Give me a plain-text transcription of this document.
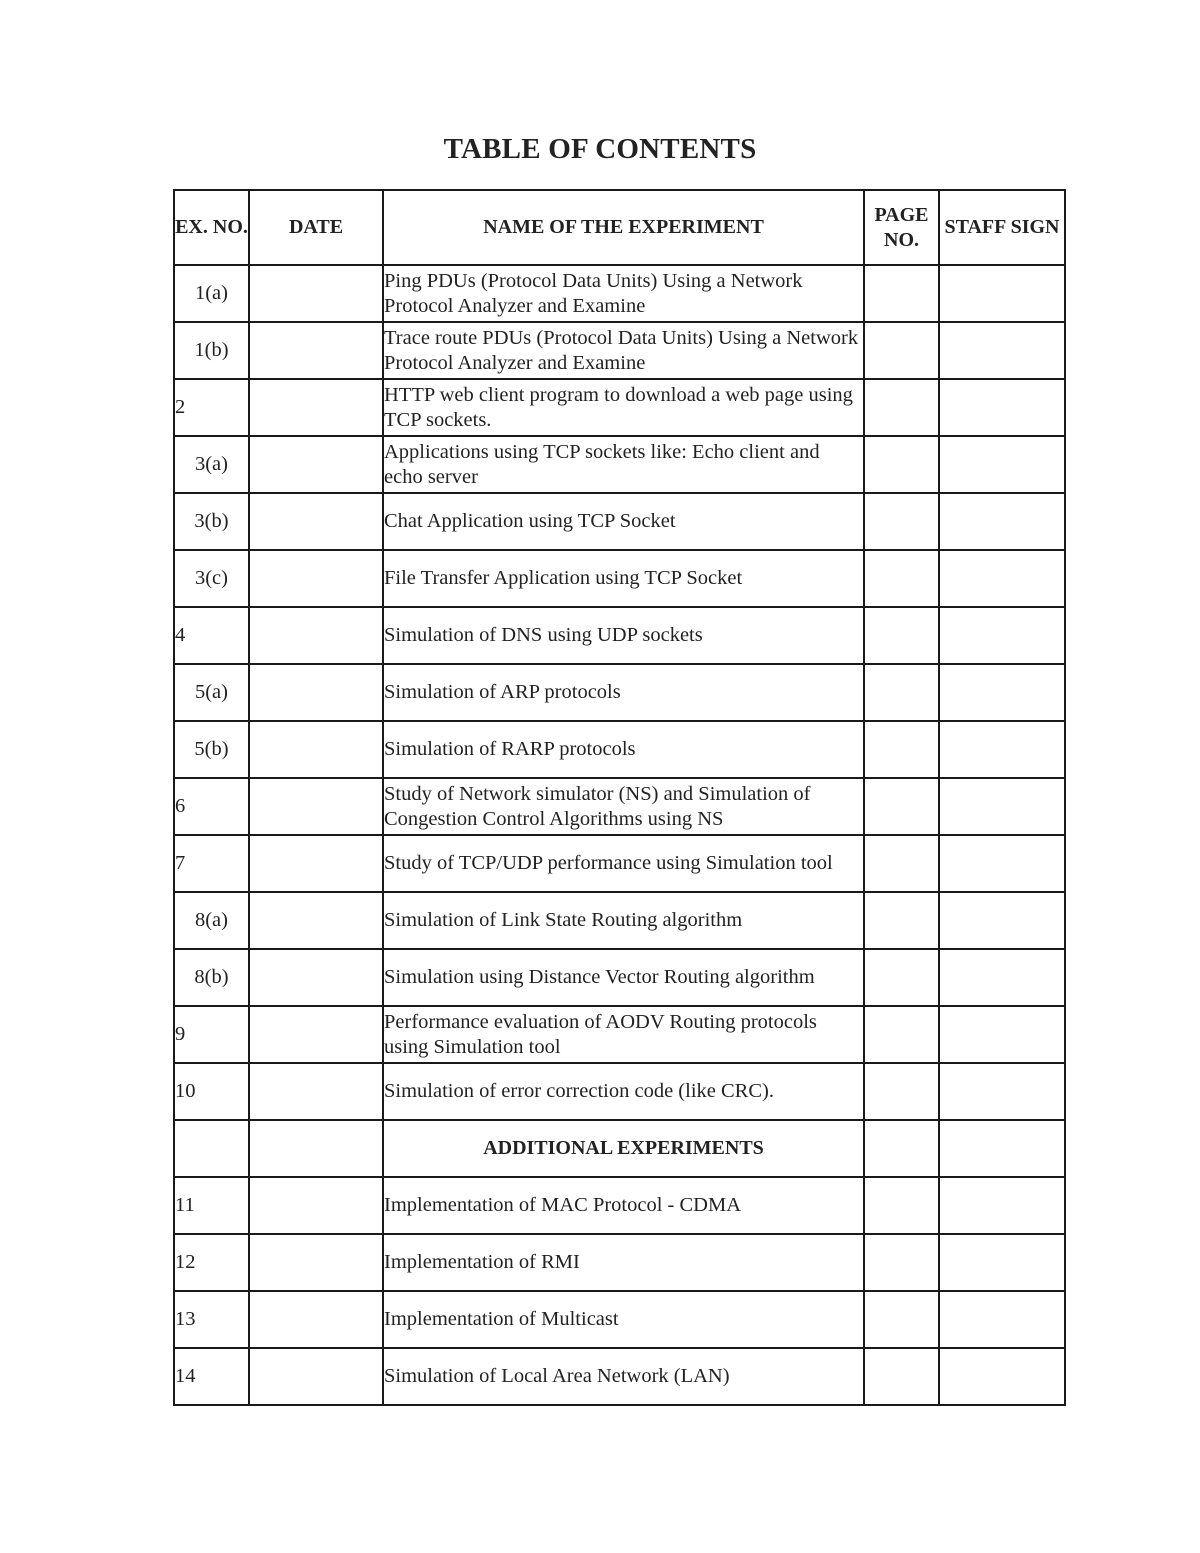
TABLE OF CONTENTS
EX. NO.	DATE	NAME OF THE EXPERIMENT	PAGE NO.	STAFF SIGN
1(a)		Ping PDUs (Protocol Data Units) Using a Network Protocol Analyzer and Examine		
1(b)		Trace route PDUs (Protocol Data Units) Using a Network Protocol Analyzer and Examine		
2		HTTP web client program to download a web page using TCP sockets.		
3(a)		Applications using TCP sockets like: Echo client and echo server		
3(b)		Chat Application using TCP Socket		
3(c)		File Transfer Application using TCP Socket		
4		Simulation of DNS using UDP sockets		
5(a)		Simulation of ARP protocols		
5(b)		Simulation of RARP protocols		
6		Study of Network simulator (NS) and Simulation of Congestion Control Algorithms using NS		
7		Study of TCP/UDP performance using Simulation tool		
8(a)		Simulation of Link State Routing algorithm		
8(b)		Simulation using Distance Vector Routing algorithm		
9		Performance evaluation of AODV Routing protocols using Simulation tool		
10		Simulation of error correction code (like CRC).		
		ADDITIONAL EXPERIMENTS		
11		Implementation of MAC Protocol - CDMA		
12		Implementation of RMI		
13		Implementation of Multicast		
14		Simulation of Local Area Network (LAN)		
